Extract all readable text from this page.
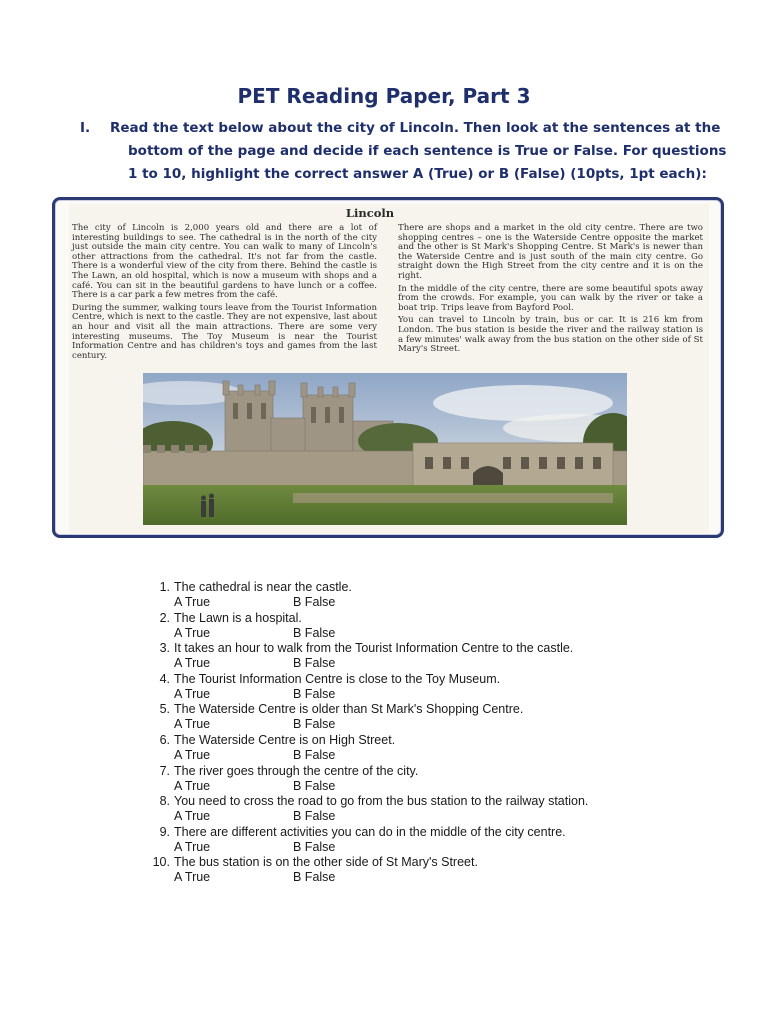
PET Reading Paper, Part 3
I.	Read the text below about the city of Lincoln. Then look at the sentences at the
bottom of the page and decide if each sentence is True or False. For questions
1 to 10, highlight the correct answer A (True) or B (False) (10pts, 1pt each):
Lincoln

The city of Lincoln is 2,000 years old and there are a lot of interesting buildings to see. The cathedral is in the north of the city just outside the main city centre. You can walk to many of Lincoln's other attractions from the cathedral. It's not far from the castle. There is a wonderful view of the city from there. Behind the castle is The Lawn, an old hospital, which is now a museum with shops and a café. You can sit in the beautiful gardens to have lunch or a coffee. There is a car park a few metres from the café.

During the summer, walking tours leave from the Tourist Information Centre, which is next to the castle. They are not expensive, last about an hour and visit all the main attractions. There are some very interesting museums. The Toy Museum is near the Tourist Information Centre and has children's toys and games from the last century.

There are shops and a market in the old city centre. There are two shopping centres – one is the Waterside Centre opposite the market and the other is St Mark's Shopping Centre. St Mark's is newer than the Waterside Centre and is just south of the main city centre. Go straight down the High Street from the city centre and it is on the right.

In the middle of the city centre, there are some beautiful spots away from the crowds. For example, you can walk by the river or take a boat trip. Trips leave from Bayford Pool.

You can travel to Lincoln by train, bus or car. It is 216 km from London. The bus station is beside the river and the railway station is a few minutes' walk away from the bus station on the other side of St Mary's Street.

1. The cathedral is near the castle.
A True	B False
2. The Lawn is a hospital.
A True	B False
3. It takes an hour to walk from the Tourist Information Centre to the castle.
A True	B False
4. The Tourist Information Centre is close to the Toy Museum.
A True	B False
5. The Waterside Centre is older than St Mark's Shopping Centre.
A True	B False
6. The Waterside Centre is on High Street.
A True	B False
7. The river goes through the centre of the city.
A True	B False
8. You need to cross the road to go from the bus station to the railway station.
A True	B False
9. There are different activities you can do in the middle of the city centre.
A True	B False
10. The bus station is on the other side of St Mary's Street.
A True	B False
